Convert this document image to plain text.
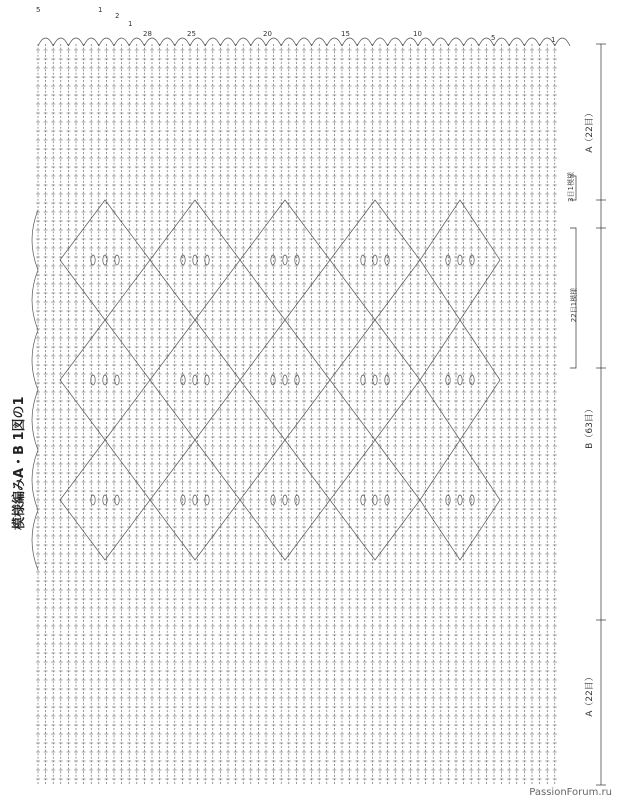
模様編みA・B 1図の1
5	1
2
1
28	25	20	15	10	5	1
A（22目）
3目1模様
22目1模様
B（63目）
A（22目）
PassionForum.ru
